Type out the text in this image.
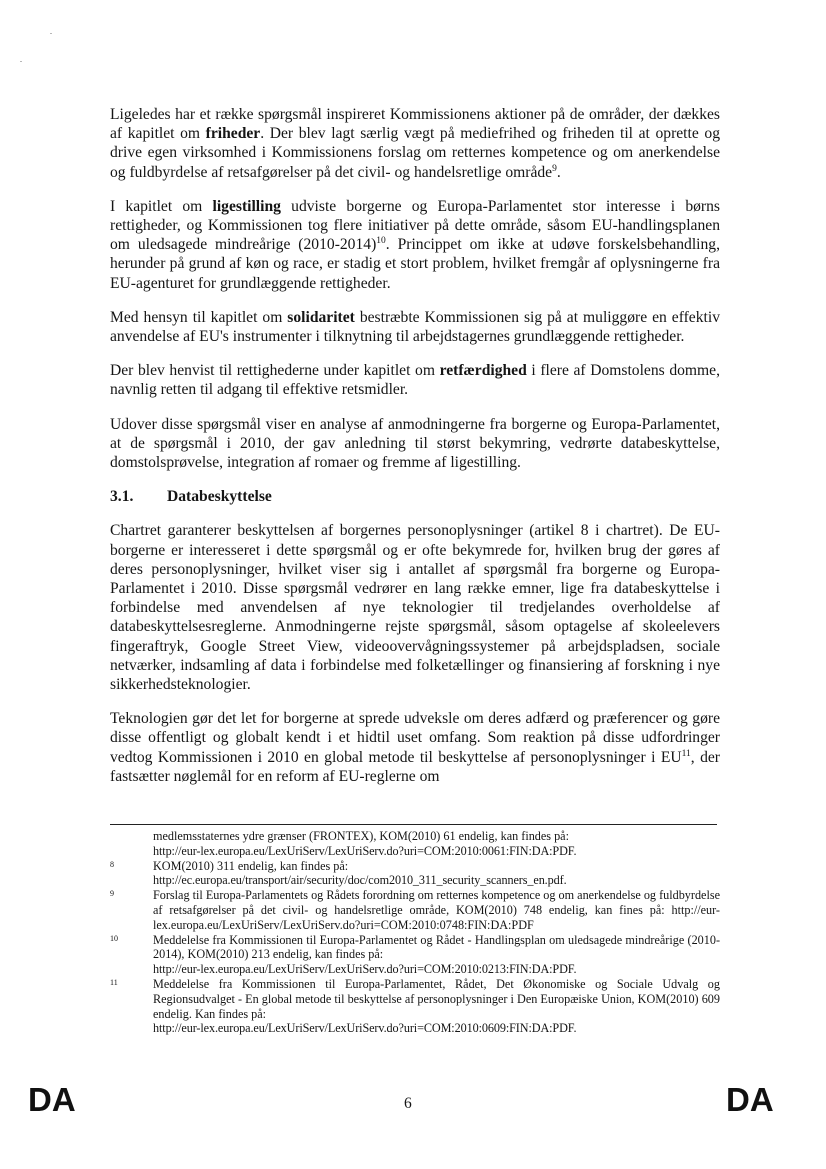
Ligeledes har et række spørgsmål inspireret Kommissionens aktioner på de områder, der dækkes af kapitlet om friheder. Der blev lagt særlig vægt på mediefrihed og friheden til at oprette og drive egen virksomhed i Kommissionens forslag om retternes kompetence og om anerkendelse og fuldbyrdelse af retsafgørelser på det civil- og handelsretlige område$^9$.

I kapitlet om ligestilling udviste borgerne og Europa-Parlamentet stor interesse i børns rettigheder, og Kommissionen tog flere initiativer på dette område, såsom EU-handlingsplanen om uledsagede mindreårige (2010-2014)$^{10}$. Princippet om ikke at udøve forskelsbehandling, herunder på grund af køn og race, er stadig et stort problem, hvilket fremgår af oplysningerne fra EU-agenturet for grundlæggende rettigheder.

Med hensyn til kapitlet om solidaritet bestræbte Kommissionen sig på at muliggøre en effektiv anvendelse af EU's instrumenter i tilknytning til arbejdstagernes grundlæggende rettigheder.

Der blev henvist til rettighederne under kapitlet om retfærdighed i flere af Domstolens domme, navnlig retten til adgang til effektive retsmidler.

Udover disse spørgsmål viser en analyse af anmodningerne fra borgerne og Europa-Parlamentet, at de spørgsmål i 2010, der gav anledning til størst bekymring, vedrørte databeskyttelse, domstolsprøvelse, integration af romaer og fremme af ligestilling.

3.1.	Databeskyttelse

Chartret garanterer beskyttelsen af borgernes personoplysninger (artikel 8 i chartret). De EU-borgerne er interesseret i dette spørgsmål og er ofte bekymrede for, hvilken brug der gøres af deres personoplysninger, hvilket viser sig i antallet af spørgsmål fra borgerne og Europa-Parlamentet i 2010. Disse spørgsmål vedrører en lang række emner, lige fra databeskyttelse i forbindelse med anvendelsen af nye teknologier til tredjelandes overholdelse af databeskyttelsesreglerne. Anmodningerne rejste spørgsmål, såsom optagelse af skoleelevers fingeraftryk, Google Street View, videoovervågningssystemer på arbejdspladsen, sociale netværker, indsamling af data i forbindelse med folketællinger og finansiering af forskning i nye sikkerhedsteknologier.

Teknologien gør det let for borgerne at sprede udveksle om deres adfærd og præferencer og gøre disse offentligt og globalt kendt i et hidtil uset omfang. Som reaktion på disse udfordringer vedtog Kommissionen i 2010 en global metode til beskyttelse af personoplysninger i EU$^{11}$, der fastsætter nøglemål for en reform af EU-reglerne om

medlemsstaternes ydre grænser (FRONTEX), KOM(2010) 61 endelig, kan findes på:
http://eur-lex.europa.eu/LexUriServ/LexUriServ.do?uri=COM:2010:0061:FIN:DA:PDF.
8	KOM(2010) 311 endelig, kan findes på:
http://ec.europa.eu/transport/air/security/doc/com2010_311_security_scanners_en.pdf.
9	Forslag til Europa-Parlamentets og Rådets forordning om retternes kompetence og om anerkendelse og fuldbyrdelse af retsafgørelser på det civil- og handelsretlige område, KOM(2010) 748 endelig, kan fines på: http://eur-lex.europa.eu/LexUriServ/LexUriServ.do?uri=COM:2010:0748:FIN:DA:PDF
10	Meddelelse fra Kommissionen til Europa-Parlamentet og Rådet - Handlingsplan om uledsagede mindreårige (2010-2014), KOM(2010) 213 endelig, kan findes på:
http://eur-lex.europa.eu/LexUriServ/LexUriServ.do?uri=COM:2010:0213:FIN:DA:PDF.
11	Meddelelse fra Kommissionen til Europa-Parlamentet, Rådet, Det Økonomiske og Sociale Udvalg og Regionsudvalget - En global metode til beskyttelse af personoplysninger i Den Europæiske Union, KOM(2010) 609 endelig. Kan findes på:
http://eur-lex.europa.eu/LexUriServ/LexUriServ.do?uri=COM:2010:0609:FIN:DA:PDF.
DA	6	DA
